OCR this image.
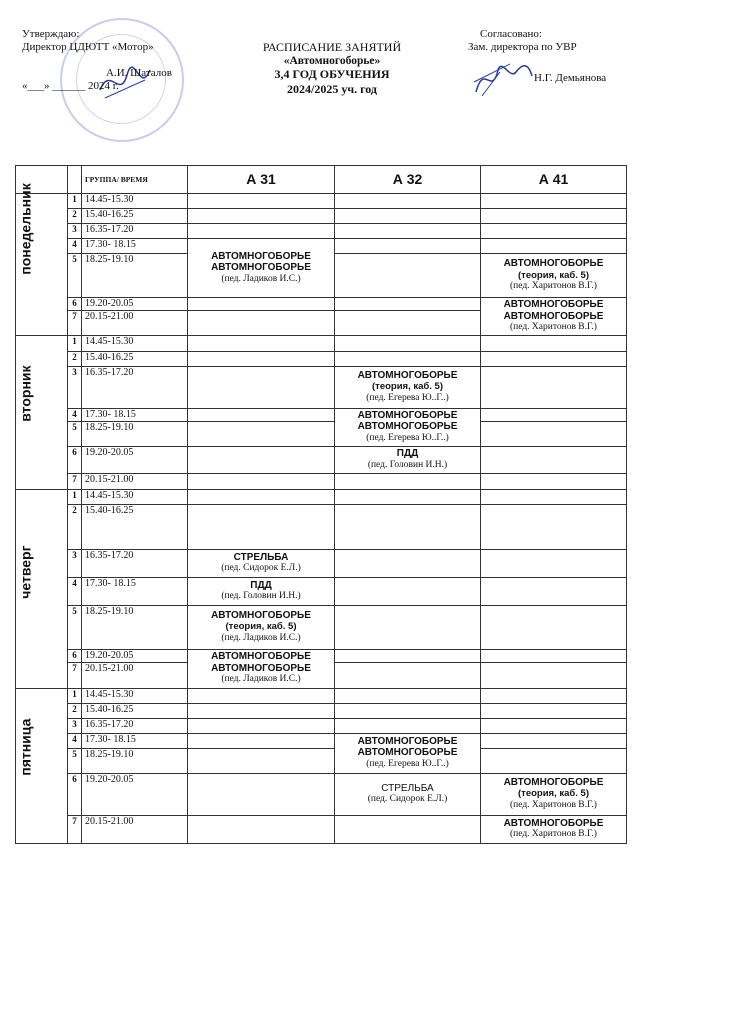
Утверждаю:
Директор ЦДЮТТ «Мотор»
А.И. Шаталов
«___» ______ 2024 г.
РАСПИСАНИЕ ЗАНЯТИЙ
«Автомногоборье»
3,4 ГОД ОБУЧЕНИЯ
2024/2025 уч. год
Согласовано:
Зам. директора по УВР
Н.Г. Демьянова
		ГРУППА/ ВРЕМЯ	А 31	А 32	А 41

понедельник	1	14.45-15.30			
	2	15.40-16.25			
	3	16.35-17.20			
	4	17.30- 18.15	АВТОМНОГОБОРЬЕ
АВТОМНОГОБОРЬЕ
(пед. Ладиков И.С.)		

	5	18.25-19.10			АВТОМНОГОБОРЬЕ
(теория, каб. 5)
(пед. Харитонов В.Г.)

	6	19.20-20.05			АВТОМНОГОБОРЬЕ
АВТОМНОГОБОРЬЕ
(пед. Харитонов В.Г.)

	7	20.15-21.00			

вторник	1	14.45-15.30			
	2	15.40-16.25			
	3	16.35-17.20		АВТОМНОГОБОРЬЕ
(теория, каб. 5)
(пед. Егерева Ю..Г..)	

	4	17.30- 18.15		АВТОМНОГОБОРЬЕ
АВТОМНОГОБОРЬЕ
(пед. Егерева Ю..Г..)	

	5	18.25-19.10			
	6	19.20-20.05		ПДД
(пед. Головин И.Н.)	

	7	20.15-21.00			

четверг	1	14.45-15.30			
	2	15.40-16.25			
	3	16.35-17.20	СТРЕЛЬБА
(пед. Сидорок Е.Л.)		

	4	17.30- 18.15	ПДД
(пед. Головин И.Н.)		

	5	18.25-19.10	АВТОМНОГОБОРЬЕ
(теория, каб. 5)
(пед. Ладиков И.С.)		

	6	19.20-20.05	АВТОМНОГОБОРЬЕ
АВТОМНОГОБОРЬЕ
(пед. Ладиков И.С.)		

	7	20.15-21.00			

пятница	1	14.45-15.30			
	2	15.40-16.25			
	3	16.35-17.20			
	4	17.30- 18.15		АВТОМНОГОБОРЬЕ
АВТОМНОГОБОРЬЕ
(пед. Егерева Ю..Г..)	

	5	18.25-19.10			
	6	19.20-20.05		СТРЕЛЬБА
(пед. Сидорок Е.Л.)	АВТОМНОГОБОРЬЕ
(теория, каб. 5)
(пед. Харитонов В.Г.)

	7	20.15-21.00			АВТОМНОГОБОРЬЕ
(пед. Харитонов В.Г.)
